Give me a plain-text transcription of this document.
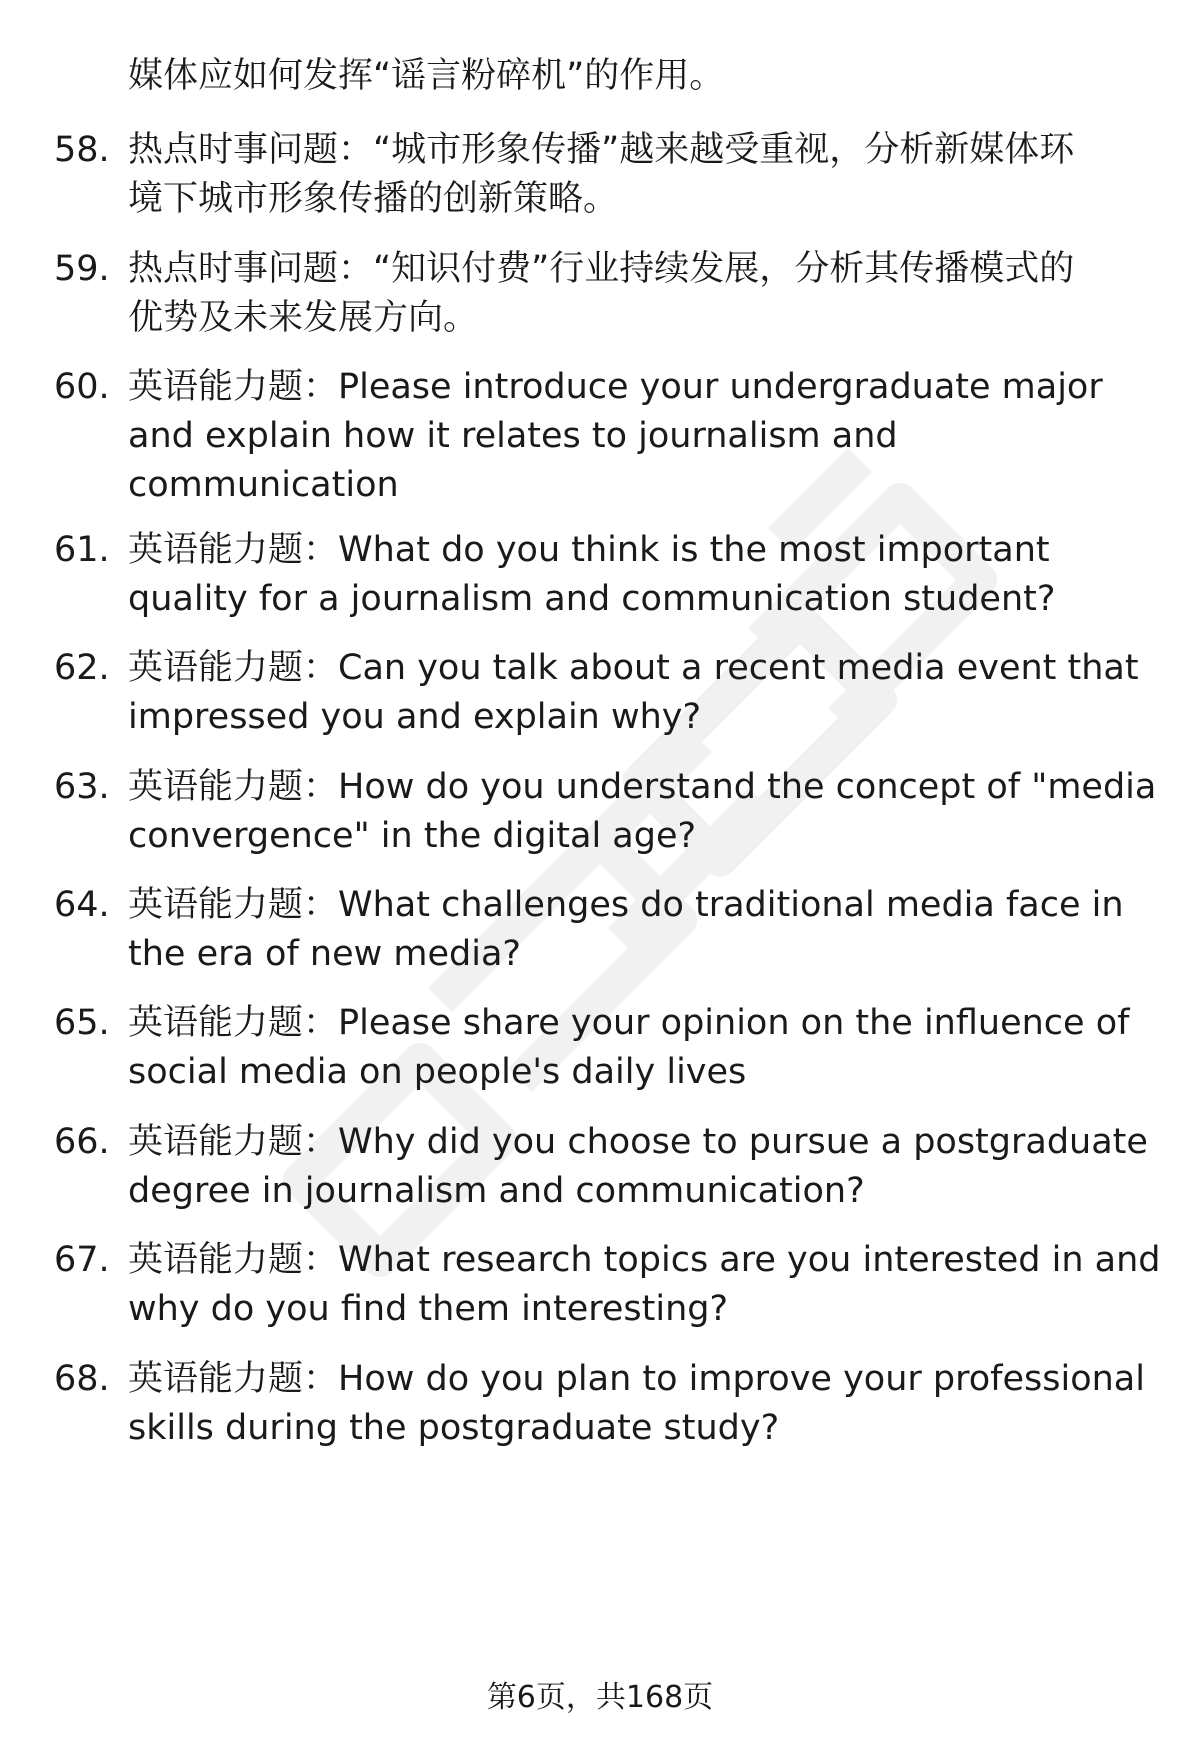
媒体应如何发挥“谣言粉碎机”的作用。

58. 热点时事问题：“城市形象传播”越来越受重视，分析新媒体环
境下城市形象传播的创新策略。

59. 热点时事问题：“知识付费”行业持续发展，分析其传播模式的
优势及未来发展方向。

60. 英语能力题：Please introduce your undergraduate major
and explain how it relates to journalism and
communication

61. 英语能力题：What do you think is the most important
quality for a journalism and communication student?

62. 英语能力题：Can you talk about a recent media event that
impressed you and explain why?

63. 英语能力题：How do you understand the concept of "media
convergence" in the digital age?

64. 英语能力题：What challenges do traditional media face in
the era of new media?

65. 英语能力题：Please share your opinion on the influence of
social media on people's daily lives

66. 英语能力题：Why did you choose to pursue a postgraduate
degree in journalism and communication?

67. 英语能力题：What research topics are you interested in and
why do you find them interesting?

68. 英语能力题：How do you plan to improve your professional
skills during the postgraduate study?

第6页，共168页
